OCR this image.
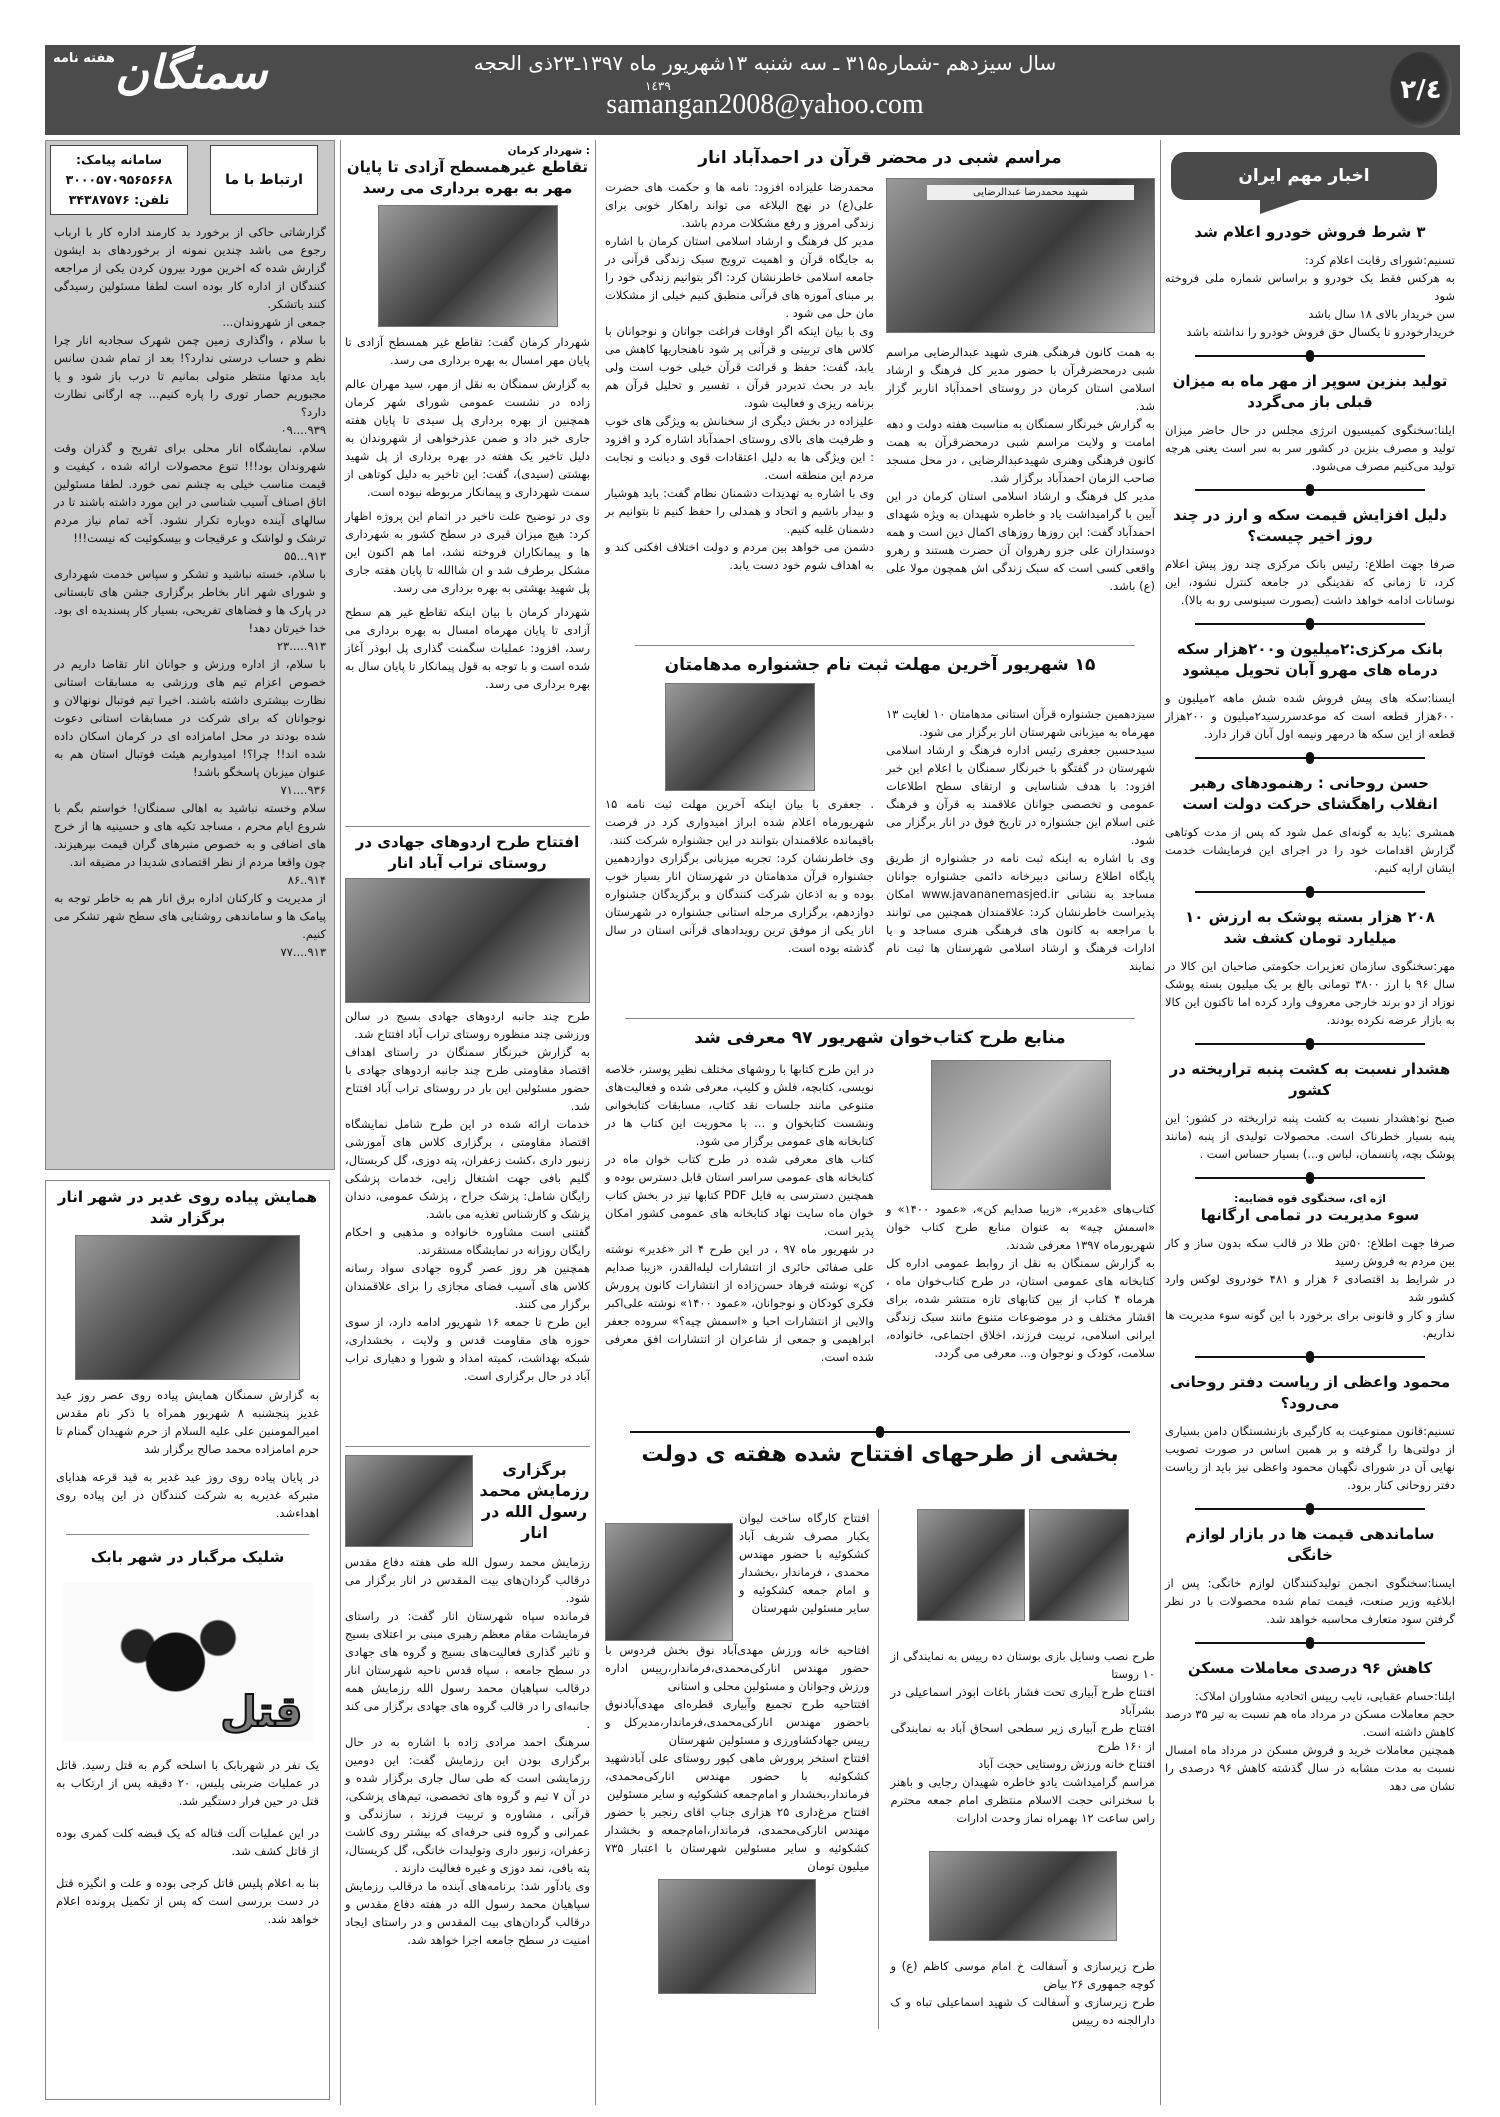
هفته نامه سمنگان	سال سیزدهم -شماره۳۱۵ ـ سه شنبه ۱۳شهریور ماه ۱۳۹۷ـ۲۳ذی الحجه
۱٤۳۹
samangan2008@yahoo.com	۲/٤
سامانه پیامک:
۳۰۰۰۵۷۰۹۵۶۵۶۶۸
تلفن: ۳۴۳۸۷۵۷۶
ارتباط با ما

گزارشاتی حاکی از برخورد بد کارمند اداره کار با ارباب رجوع می باشد چندین نمونه از برخوردهای بد ایشون گزارش شده که اخرین مورد بیرون کردن یکی از مراجعه کنندگان از اداره کار بوده است لطفا مسئولین رسیدگی کنند باتشکر.

جمعی از شهروندان...

با سلام ، واگذاری زمین چمن شهرک سجادیه انار چرا نظم و حساب درستی ندارد؟! بعد از تمام شدن سانس باید مدتها منتظر متولی بمانیم تا درب باز شود و یا مجبوریم حصار توری را پاره کنیم... چه ارگانی نظارت دارد؟

۹۳۹....۰۹

سلام، نمایشگاه انار محلی برای تفریح و گذران وقت شهروندان بود!!! تنوع محصولات ارائه شده ، کیفیت و قیمت مناسب خیلی به چشم نمی خورد. لطفا مسئولین اتاق اصناف آسیب شناسی در این مورد داشته باشند تا در سالهای آینده دوباره تکرار نشود. آخه تمام نیاز مردم ترشک و لواشک و عرقیجات و بیسکوئیت که نیست!!!

۹۱۳...۵۵

با سلام، خسته نباشید و تشکر و سپاس خدمت شهرداری و شورای شهر انار بخاطر برگزاری جشن های تابستانی در پارک ها و فضاهای تفریحی، بسیار کار پسندیده ای بود. خدا خیرتان دهد!

۹۱۳.....۲۳

با سلام، از اداره ورزش و جوانان انار تقاضا داریم در خصوص اعزام تیم های ورزشی به مسابقات استانی نظارت بیشتری داشته باشند. اخیرا تیم فوتبال نونهالان و نوجوانان که برای شرکت در مسابقات استانی دعوت شده بودند در محل امامزاده ای در کرمان اسکان داده شده اند!! چرا؟! امیدواریم هیئت فوتبال استان هم به عنوان میزبان پاسخگو باشد!

۹۳۶....۷۱

سلام وخسته نباشید به اهالی سمنگان! خواستم بگم با شروع ایام محرم ، مساجد تکیه های و حسینیه ها از خرج های اضافی و به خصوص منبرهای گران قیمت بپرهیزند. چون واقعا مردم از نظر اقتصادی شدیدا در مضیقه اند.

۹۱۴..۸۶

از مدیریت و کارکنان اداره برق انار هم به خاطر توجه به پیامک ها و ساماندهی روشنایی های سطح شهر تشکر می کنیم.

۹۱۳....۷۷

همایش پیاده روی غدیر در شهر انار برگزار شد

به گزارش سمنگان همایش پیاده روی عصر روز عید غدیر پنجشنبه ۸ شهریور همراه با ذکر نام مقدس امیرالمومنین علی علیه السلام از حرم شهیدان گمنام تا حرم امامزاده محمد صالح برگزار شد

در پایان پیاده روی روز عید غدیر به قید قرعه هدایای متبرکه غدیریه به شرکت کنندگان در این پیاده روی اهداءشد.

شلیک مرگبار در شهر بابک
قتل

یک نفر در شهربابک با اسلحه گرم به قتل رسید. قاتل در عملیات ضربتی پلیس، ۲۰ دقیقه پس از ارتکاب به قتل در حین فرار دستگیر شد.

در این عملیات آلت قتاله که یک قبضه کلت کمری بوده از قاتل کشف شد.

بنا به اعلام پلیس قاتل کرجی بوده و علت و انگیزه قتل در دست بررسی است که پس از تکمیل پرونده اعلام خواهد شد.

: شهردار کرمان
تقاطع غیرهمسطح آزادی تا پایان مهر به بهره برداری می رسد

شهردار کرمان گفت: تقاطع غیر همسطح آزادی تا پایان مهر امسال به بهره برداری می رسد.

به گزارش سمنگان به نقل از مهر، سید مهران عالم زاده در نشست عمومی شورای شهر کرمان همچنین از بهره برداری پل سیدی تا پایان هفته جاری خبر داد و ضمن عذرخواهی از شهروندان به دلیل تاخیر یک هفته در بهره برداری از پل شهید بهشتی (سیدی)، گفت: این تاخیر به دلیل کوتاهی از سمت شهرداری و پیمانکار مربوطه نبوده است.

وی در توضیح علت تاخیر در اتمام این پروژه اظهار کرد: هیچ میزان قیری در سطح کشور به شهرداری ها و پیمانکاران فروخته نشد، اما هم اکنون این مشکل برطرف شد و ان شاالله تا پایان هفته جاری پل شهید بهشتی به بهره برداری می رسد.

شهردار کرمان با بیان اینکه تقاطع غیر هم سطح آزادی تا پایان مهرماه امسال به بهره برداری می رسد، افزود: عملیات سگمنت گذاری پل ابوذر آغاز شده است و با توجه به قول پیمانکار تا پایان سال به بهره برداری می رسد.

افتتاح طرح اردوهای جهادی در روستای تراب آباد انار

طرح چند جانبه اردوهای جهادی بسیج در سالن ورزشی چند منظوره روستای تراب آباد افتتاح شد.

به گزارش خبرنگار سمنگان در راستای اهداف اقتصاد مقاومتی طرح چند جانبه اردوهای جهادی با حضور مسئولین این بار در روستای تراب آباد افتتاح شد.

خدمات ارائه شده در این طرح شامل نمایشگاه اقتصاد مقاومتی ، برگزاری کلاس های آموزشی زنبور داری ،کشت زعفران، پته دوزی، گل کریستال، گلیم بافی جهت اشتغال زایی، خدمات پزشکی رایگان شامل: پزشک جراح ، پزشک عمومی، دندان پزشک و کارشناس تغذیه می باشد.

گفتنی است مشاوره خانواده و مذهبی و احکام رایگان روزانه در نمایشگاه مستقرند.

همچنین هر روز عصر گروه جهادی سواد رسانه کلاس های آسیب فضای مجازی را برای علاقمندان برگزار می کنند.

این طرح تا جمعه ۱۶ شهریور ادامه دارد، از سوی حوزه های مقاومت قدس و ولایت ، بخشداری، شبکه بهداشت، کمیته امداد و شورا و دهیاری تراب آباد در حال برگزاری است.

برگزاری رزمایش محمد رسول الله در انار

رزمایش محمد رسول الله طی هفته دفاع مقدس درقالب گردان‌های بیت المقدس در انار برگزار می شود.

فرمانده سپاه شهرستان انار گفت: در راستای فرمایشات مقام معظم رهبری مبنی بر اعتلای بسیج و تاثیر گذاری فعالیت‌های بسیج و گروه های جهادی در سطح جامعه ، سپاه قدس ناحیه شهرستان انار درقالب سپاهیان محمد رسول الله رزمایش همه جانبه‌ای را در قالب گروه های جهادی برگزار می کند .

سرهنگ احمد مرادی زاده با اشاره به در حال برگزاری بودن این رزمایش گفت: این دومین رزمایشی است که طی سال جاری برگزار شده و در آن ۷ تیم و گروه های تخصصی، تیم‌های پزشکی، قرآنی ، مشاوره و تربیت فرزند ، سازندگی و عمرانی و گروه فنی حرفه‌ای که بیشتر روی کاشت زعفران، زنبور داری وتولیدات خانگی، گل کریستال، پته بافی، نمد دوزی و غیره فعالیت دارند .

وی یادآور شد: برنامه‌های آینده ما درقالب رزمایش سپاهیان محمد رسول الله در هفته دفاع مقدس و درقالب گردان‌های بیت المقدس و در راستای ایجاد امنیت در سطح جامعه اجرا خواهد شد.

مراسم شبی در محضر قرآن در احمدآباد انار
شهید محمدرضا عبدالرضایی

به همت کانون فرهنگی هنری شهید عبدالرضایی مراسم شبی درمحضرقرآن با حضور مدیر کل فرهنگ و ارشاد اسلامی استان کرمان در روستای احمدآباد اناربر گزار شد.

به گزارش خبرنگار سمنگان به مناسبت هفته دولت و دهه امامت و ولایت مراسم شبی درمحضرقرآن به همت کانون فرهنگی وهنری شهیدعبدالرضایی ، در محل مسجد صاحب الزمان احمدآباد برگزار شد.

مدیر کل فرهنگ و ارشاد اسلامی استان کرمان در این آیین با گرامیداشت یاد و خاطره شهیدان به ویژه شهدای احمدآباد گفت: این روزها روزهای اکمال دین است و همه دوستداران علی جزو رهروان آن حضرت هستند و رهرو واقعی کسی است که سبک زندگی اش همچون مولا علی (ع) باشد.

محمدرضا علیزاده افزود: نامه ها و حکمت های حضرت علی(ع) در نهج البلاغه می تواند راهکار خوبی برای زندگی امروز و رفع مشکلات مردم باشد.

مدیر کل فرهنگ و ارشاد اسلامی استان کرمان با اشاره به جایگاه قرآن و اهمیت ترویج سبک زندگی قرآنی در جامعه اسلامی خاطرنشان کرد: اگر بتوانیم زندگی خود را بر مبنای آموزه های قرآنی منطبق کنیم خیلی از مشکلات مان حل می شود .

وی با بیان اینکه اگر اوقات فراغت جوانان و نوجوانان با کلاس های تربیتی و قرآنی پر شود ناهنجاریها کاهش می یابد، گفت: حفظ و قرائت قرآن خیلی خوب است ولی باید در بحث تدبردر قرآن ، تفسیر و تحلیل قرآن هم برنامه ریزی و فعالیت شود.

علیزاده در بخش دیگری از سخنانش به ویژگی های خوب و ظرفیت های بالای روستای احمدآباد اشاره کرد و افزود : این ویژگی ها به دلیل اعتقادات قوی و دیانت و نجابت مردم این منطقه است.

وی با اشاره به تهدیدات دشمنان نظام گفت: باید هوشیار و بیدار باشیم و اتحاد و همدلی را حفظ کنیم تا بتوانیم بر دشمنان غلبه کنیم.

دشمن می خواهد بین مردم و دولت اختلاف افکنی کند و به اهداف شوم خود دست یابد.

۱۵ شهریور آخرین مهلت ثبت نام جشنواره مدهامتان

سیزدهمین جشنواره قرآن استانی مدهامتان ۱۰ لغایت ۱۳ مهرماه به میزبانی شهرستان انار برگزار می شود.

سیدحسین جعفری رئیس اداره فرهنگ و ارشاد اسلامی شهرستان در گفتگو با خبرنگار سمنگان با اعلام این خبر افزود: با هدف شناسایی و ارتقای سطح اطلاعات عمومی و تخصصی جوانان علاقمند به قرآن و فرهنگ غنی اسلام این جشنواره در تاریخ فوق در انار برگزار می شود.

وی با اشاره به اینکه ثبت نامه در جشنواره از طریق پایگاه اطلاع رسانی دبیرخانه دائمی جشنواره جوانان مساجد به نشانی www.javananemasjed.ir امکان پذیراست خاطرنشان کرد: علاقمندان همچنین می توانند با مراجعه به کانون های فرهنگی هنری مساجد و یا ادارات فرهنگ و ارشاد اسلامی شهرستان ها ثبت نام نمایند

. جعفری با بیان اینکه آخرین مهلت ثبت نامه ۱۵ شهریورماه اعلام شده ابراز امیدواری کرد در فرصت باقیمانده علاقمندان بتوانند در این جشنواره شرکت کنند.

وی خاطرنشان کرد: تجربه میزبانی برگزاری دوازدهمین جشنواره قرآن مدهامتان در شهرستان انار بسیار خوب بوده و به اذعان شرکت کنندگان و برگزیدگان جشنواره دوازدهم، برگزاری مرحله استانی جشنواره در شهرستان انار یکی از موفق ترین رویدادهای قرآنی استان در سال گذشته بوده است.

منابع طرح کتاب‌خوان شهریور ۹۷ معرفی شد

کتاب‌های «غدیر»، «زیبا صدایم کن»، «عمود ۱۴۰۰» و «اسمش چیه» به عنوان منابع طرح کتاب خوان شهریورماه ۱۳۹۷ معرفی شدند.

به گزارش سمنگان به نقل از روابط عمومی اداره کل کتابخانه های عمومی استان، در طرح کتاب‌خوان ماه ، هرماه ۴ کتاب از بین کتابهای تازه منتشر شده، برای اقشار مختلف و در موضوعات متنوع مانند سبک زندگی ایرانی اسلامی، تربیت فرزند، اخلاق اجتماعی، خانواده، سلامت، کودک و نوجوان و... معرفی می گردد.

در این طرح کتابها با روشهای مختلف نظیر پوستر، خلاصه نویسی، کتابچه، فلش و کلیپ، معرفی شده و فعالیت‌های متنوعی مانند جلسات نقد کتاب، مسابقات کتابخوانی ونشست کتابخوان و ... با محوریت این کتاب ها در کتابخانه های عمومی برگزار می شود.

کتاب های معرفی شده در طرح کتاب خوان ماه در کتابخانه های عمومی سراسر استان قابل دسترس بوده و همچنین دسترسی به فایل PDF کتابها نیز در بخش کتاب خوان ماه سایت نهاد کتابخانه های عمومی کشور امکان پذیر است.

در شهریور ماه ۹۷ ، در این طرح ۴ اثر «غدیر» نوشته علی صفائی حائری از انتشارات لیله‌القدر، «زیبا صدایم کن» نوشته فرهاد حسن‌زاده از انتشارات کانون پرورش فکری کودکان و نوجوانان، «عمود ۱۴۰۰» نوشته علی‌اکبر والایی از انتشارات احیا و «اسمش چیه؟» سروده جعفر ابراهیمی و جمعی از شاعران از انتشارات افق معرفی شده است.

بخشی از طرحهای افتتاح شده هفته ی دولت

طرح نصب وسایل بازی بوستان ده رییس به نمایندگی از ۱۰ روستا

افتتاح طرح آبیاری تحت فشار باغات ابوذر اسماعیلی در بشرآباد

افتتاح طرح آبیاری زیر سطحی اسحاق آباد به نمایندگی از ۱۶۰ طرح

افتتاح خانه ورزش روستایی حجت آباد

مراسم گرامیداشت یادو خاطره شهیدان رجایی و باهنر با سخنرانی حجت الاسلام منتظری امام جمعه محترم راس ساعت ۱۲ بهمراه نماز وحدت ادارات

طرح زیرسازی و آسفالت خ امام موسی کاظم (ع) و کوچه جمهوری ۲۶ بیاض

طرح زیرسازی و آسفالت ک شهید اسماعیلی تباه و ک دارالجنه ده رییس

افتتاح کارگاه ساخت لیوان یکبار مصرف شریف آباد کشکوئیه با حضور مهندس محمدی ، فرماندار ،بخشدار و امام جمعه کشکوئیه و سایر مسئولین شهرستان

افتاحیه خانه ورزش مهدی‌آباد نوق بخش فردوس با حضور مهندس انارکی‌محمدی،فرماندار،رییس اداره ورزش وجوانان و مسئولین محلی و استانی

افتتاحیه طرح تجمیع وآبیاری قطره‌ای مهدی‌آبادنوق باحضور مهندس انارکی‌محمدی،فرماندار،مدیرکل و رییس جهادکشاورزی و مسئولین شهرستان

افتتاح استخر پرورش ماهی کپور روستای علی آبادشهید کشکوئیه با حضور مهندس انارکی‌محمدی، فرماندار،بخشدار و امام‌جمعه کشکوئیه و سایر مسئولین

افتتاح مرغ‌داری ۲۵ هزاری جناب اقای رنجبر با حضور مهندس انارکی‌محمدی، فرماندار،امام‌جمعه و بخشدار کشکوئیه و سایر مسئولین شهرستان با اعتبار ۷۳۵ میلیون تومان

اخبار مهم ایران
۳ شرط فروش خودرو اعلام شد

تسنیم:شورای رقابت اعلام کرد:

به هرکس فقط یک خودرو و براساس شماره ملی فروخته شود

سن خریدار بالای ۱۸ سال باشد

خریدارخودرو تا یکسال حق فروش خودرو را نداشته باشد

تولید بنزین سوپر از مهر ماه به میزان قبلی باز می‌گردد

ایلنا:سخنگوی کمیسیون انرژی مجلس در حال حاضر میزان تولید و مصرف بنزین در کشور سر به سر است یعنی هرچه تولید می‌کنیم مصرف می‌شود.

دلیل افزایش قیمت سکه و ارز در چند روز اخیر چیست؟

صرفا جهت اطلاع: رئیس بانک مرکزی چند روز پیش اعلام کرد، تا زمانی که نقدینگی در جامعه کنترل نشود، این نوسانات ادامه خواهد داشت (بصورت سینوسی رو به بالا).

بانک مرکزی:۲میلیون و۲۰۰هزار سکه درماه های مهرو آبان تحویل میشود

ایسنا:سکه های پیش فروش شده شش ماهه ۲میلیون و ۶۰۰هزار قطعه است که موعدسررسید۲میلیون و ۲۰۰هزار قطعه از این سکه ها درمهر ونیمه اول آبان قرار دارد.

حسن روحانی : رهنمودهای رهبر انقلاب راهگشای حرکت دولت است

همشری :باید به گونه‌ای عمل شود که پس از مدت کوتاهی گزارش اقدامات خود را در اجرای این فرمایشات خدمت ایشان ارایه کنیم.

۲۰۸ هزار بسته پوشک به ارزش ۱۰ میلیارد تومان کشف شد

مهر:سخنگوی سازمان تعزیرات حکومتی صاحبان این کالا در سال ۹۶ با ارز ۳۸۰۰ تومانی بالغ بر یک میلیون بسته پوشک نوزاد از دو برند خارجی معروف وارد کرده اما تاکنون این کالا به بازار عرضه نکرده بودند.

هشدار نسبت به کشت پنبه تراریخته در کشور

صبح نو:هشدار نسبت به کشت پنبه تراریخته در کشور: این پنبه بسیار خطرناک است. محصولات تولیدی از پنبه (مانند پوشک بچه، پانسمان، لباس و...) بسیار حساس است .

اژه ای، سخنگوی قوه قضاییه:
سوء مدیریت در تمامی ارگانها

صرفا جهت اطلاع: ۵۰تن طلا در قالب سکه بدون ساز و کار بین مردم به فروش رسید

در شرایط بد اقتصادی ۶ هزار و ۴۸۱ خودروی لوکس وارد کشور شد

ساز و کار و قانونی برای برخورد با این گونه سوء مدیریت ها نداریم.

محمود واعظی از ریاست دفتر روحانی می‌رود؟

تسنیم:قانون ممنوعیت به کارگیری بازنشستگان دامن بسیاری از دولتی‌ها را گرفته و بر همین اساس در صورت تصویب نهایی آن در شورای نگهبان محمود واعظی نیز باید از ریاست دفتر روحانی کنار برود.

ساماندهی قیمت ها در بازار لوازم خانگی

ایسنا:سخنگوی انجمن تولیدکنندگان لوازم خانگی: پس از ابلاغیه وزیر صنعت، قیمت تمام شده محصولات با در نظر گرفتن سود متعارف محاسبه خواهد شد.

کاهش ۹۶ درصدی معاملات مسکن

ایلنا:حسام عقبایی، نایب رییس اتحادیه مشاوران املاک:

حجم معاملات مسکن در مرداد ماه هم نسبت به تیر ۳۵ درصد کاهش داشته است.

همچنین معاملات خرید و فروش مسکن در مرداد ماه امسال نسبت به مدت مشابه در سال گذشته کاهش ۹۶ درصدی را نشان می دهد
